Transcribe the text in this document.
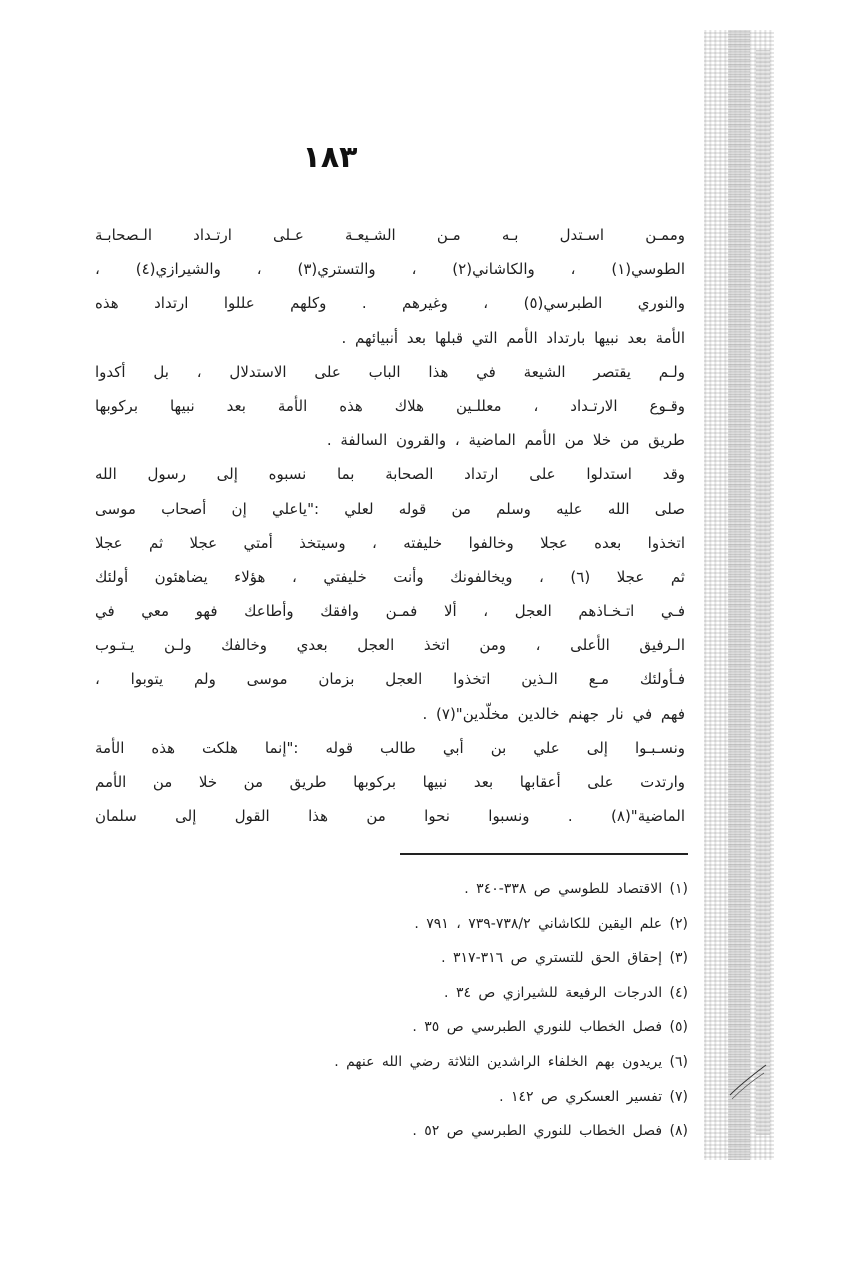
١٨٣
وممـن اسـتدل بـه مـن الشـيعـة عـلى ارتـداد الـصحابـة
الطوسي(١) ، والكاشاني(٢) ، والتستري(٣) ، والشيرازي(٤) ،
والنوري الطبرسي(٥) ، وغيرهم . وكلهم عللوا ارتداد هذه
الأمة بعد نبيها بارتداد الأمم التي قبلها بعد أنبيائهم .
ولـم يقتصر الشيعة في هذا الباب على الاستدلال ، بل أكدوا
وقـوع الارتـداد ، معللـين هلاك هذه الأمة بعد نبيها بركوبها
طريق من خلا من الأمم الماضية ، والقرون السالفة .
وقد استدلوا على ارتداد الصحابة بما نسبوه إلى رسول الله
صلى الله عليه وسلم من قوله لعلي :"ياعلي إن أصحاب موسى
اتخذوا بعده عجلا وخالفوا خليفته ، وسيتخذ أمتي عجلا ثم عجلا
ثم عجلا (٦) ، ويخالفونك وأنت خليفتي ، هؤلاء يضاهئون أولئك
فـي اتـخـاذهم العجل ، ألا فمـن وافقك وأطاعك فهو معي في
الـرفيق الأعلى ، ومن اتخذ العجل بعدي وخالفك ولـن يـتـوب
فـأولئك مـع الـذين اتخذوا العجل بزمان موسى ولم يتوبوا ،
فهم في نار جهنم خالدين مخلّدين"(٧) .
ونسـبـوا إلى علي بن أبي طالب قوله :"إنما هلكت هذه الأمة
وارتدت على أعقابها بعد نبيها بركوبها طريق من خلا من الأمم
الماضية"(٨) . ونسبوا نحوا من هذا القول إلى سلمان
(١) الاقتصاد للطوسي ص ٣٣٨-٣٤٠ .
(٢) علم اليقين للكاشاني ٧٣٨/٢-٧٣٩ ، ٧٩١ .
(٣) إحقاق الحق للتستري ص ٣١٦-٣١٧ .
(٤) الدرجات الرفيعة للشيرازي ص ٣٤ .
(٥) فصل الخطاب للنوري الطبرسي ص ٣٥ .
(٦) يريدون بهم الخلفاء الراشدين الثلاثة رضي الله عنهم .
(٧) تفسير العسكري ص ١٤٢ .
(٨) فصل الخطاب للنوري الطبرسي ص ٥٢ .
